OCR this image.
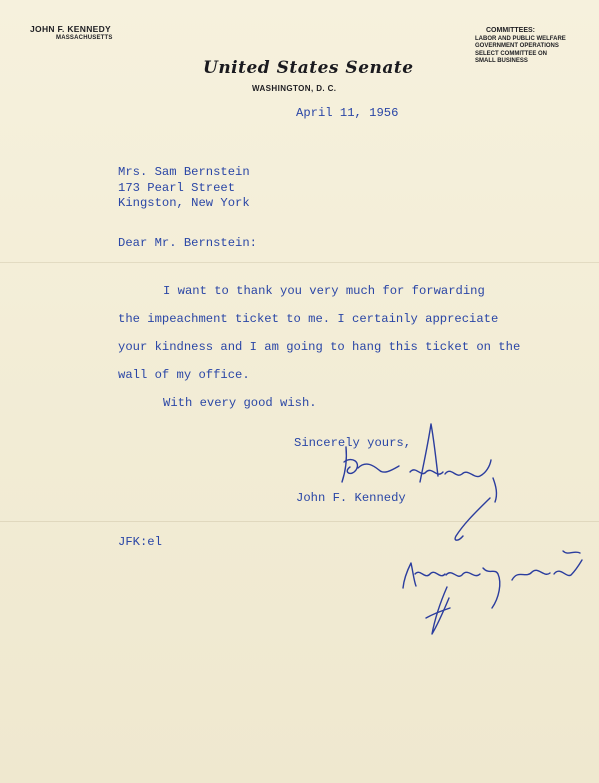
JOHN F. KENNEDY
MASSACHUSETTS
COMMITTEES:
LABOR AND PUBLIC WELFARE
GOVERNMENT OPERATIONS
SELECT COMMITTEE ON
SMALL BUSINESS
United States Senate
WASHINGTON, D. C.
April 11, 1956
Mrs. Sam Bernstein
173 Pearl Street
Kingston, New York
Dear Mr. Bernstein:
I want to thank you very much for forwarding
the impeachment ticket to me. I certainly appreciate
your kindness and I am going to hang this ticket on the
wall of my office.
With every good wish.
Sincerely yours,
John F. Kennedy
JFK:el
